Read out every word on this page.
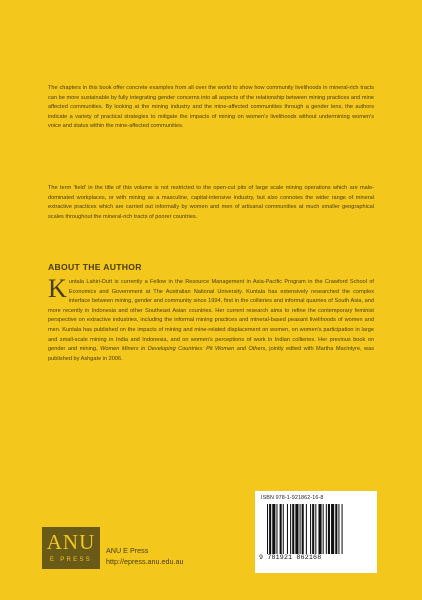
The chapters in this book offer concrete examples from all over the world to show how community livelihoods in mineral-rich tracts can be more sustainable by fully integrating gender concerns into all aspects of the relationship between mining practices and mine affected communities. By looking at the mining industry and the mine-affected communities through a gender lens, the authors indicate a variety of practical strategies to mitigate the impacts of mining on women's livelihoods without undermining women's voice and status within the mine-affected communities.

The term 'field' in the title of this volume is not restricted to the open-cut pits of large scale mining operations which are male-dominated workplaces, or with mining as a masculine, capital-intensive industry, but also connotes the wider range of mineral extractive practices which are carried out informally by women and men of artisanal communities at much smaller geographical scales throughout the mineral-rich tracts of poorer countries.

ABOUT THE AUTHOR

Kuntala Lahiri-Dutt is currently a Fellow in the Resource Management in Asia-Pacific Program in the Crawford School of Economics and Government at The Australian National University. Kuntala has extensively researched the complex interface between mining, gender and community since 1994, first in the collieries and informal quarries of South Asia, and more recently in Indonesia and other Southeast Asian countries. Her current research aims to refine the contemporary feminist perspective on extractive industries, including the informal mining practices and mineral-based peasant livelihoods of women and men. Kuntala has published on the impacts of mining and mine-related displacement on women, on women's participation in large and small-scale mining in India and Indonesia, and on women's perceptions of work in Indian collieries. Her previous book on gender and mining, Women Miners in Developing Countries: Pit Women and Others, jointly edited with Martha Macintyre, was published by Ashgate in 2006.

ISBN 978-1-921862-16-8
9 781921 862168
ANU
E PRESS
ANU E Press
http://epress.anu.edu.au
